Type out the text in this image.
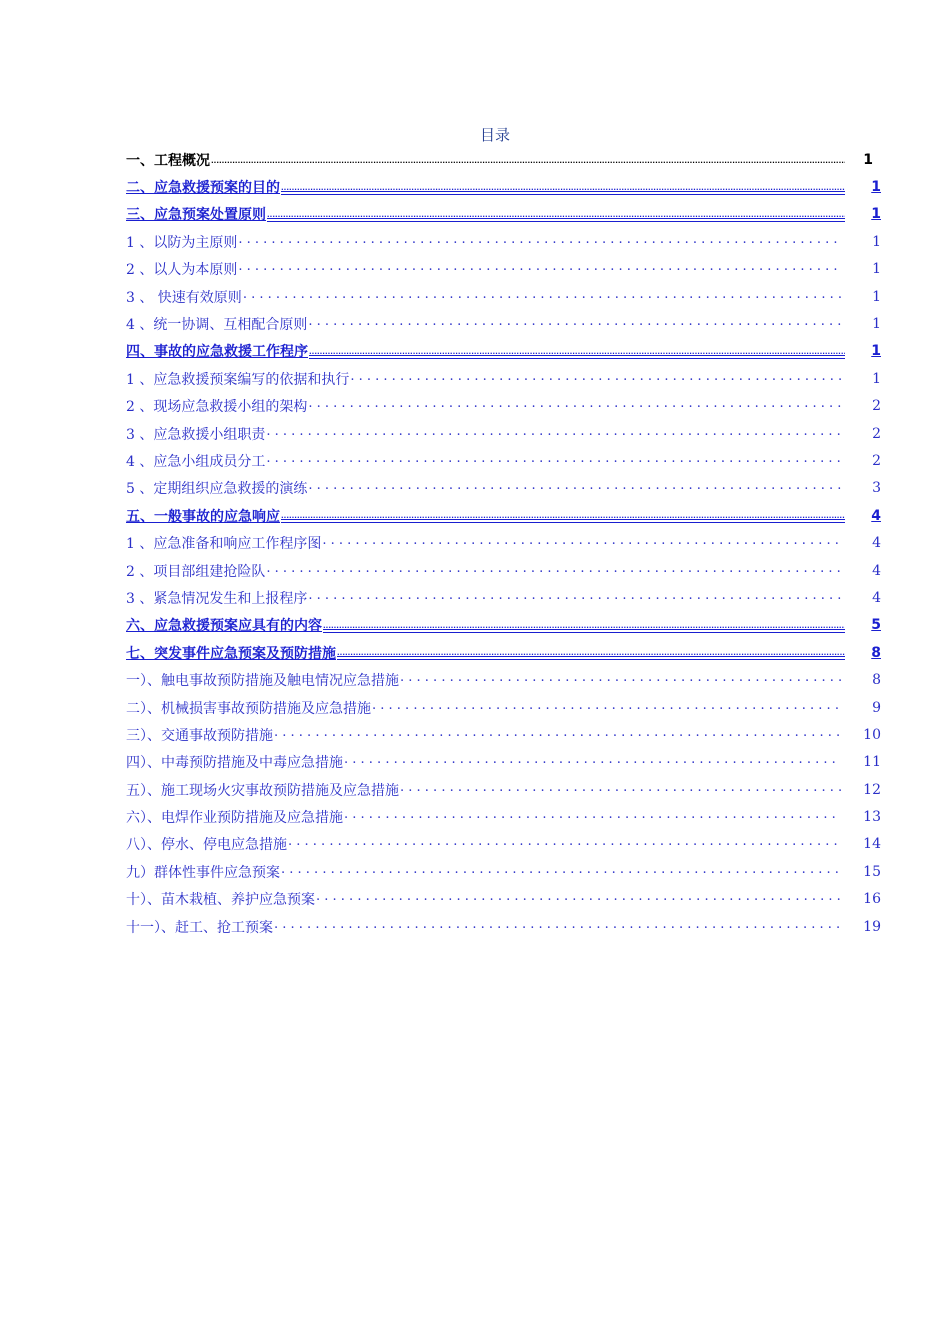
目录
一、工程概况 .....	1
二、应急救援预案的目的 .....	1
三、应急预案处置原则 .....	1
1 、以防为主原则 . . .	1
2 、以人为本原则 . . .	1
3 、 快速有效原则 . . .	1
4 、统一协调、互相配合原则 . . .	1
四、事故的应急救援工作程序 .....	1
1 、应急救援预案编写的依据和执行 . . .	1
2 、现场应急救援小组的架构 . . .	2
3 、应急救援小组职责 . . .	2
4 、应急小组成员分工 . . .	2
5 、定期组织应急救援的演练 . . .	3
五、一般事故的应急响应 .....	4
1 、应急准备和响应工作程序图 . . .	4
2 、项目部组建抢险队 . . .	4
3 、紧急情况发生和上报程序 . . .	4
六、应急救援预案应具有的内容 .....	5
七、突发事件应急预案及预防措施 .....	8
一）、触电事故预防措施及触电情况应急措施 . . .	8
二）、机械损害事故预防措施及应急措施 . . .	9
三）、交通事故预防措施 . . .	10
四）、中毒预防措施及中毒应急措施 . . .	11
五）、施工现场火灾事故预防措施及应急措施 . . .	12
六）、电焊作业预防措施及应急措施 . . .	13
八）、停水、停电应急措施 . . .	14
九）群体性事件应急预案 . . .	15
十）、苗木栽植、养护应急预案 . . .	16
十一）、赶工、抢工预案 . . .	19
